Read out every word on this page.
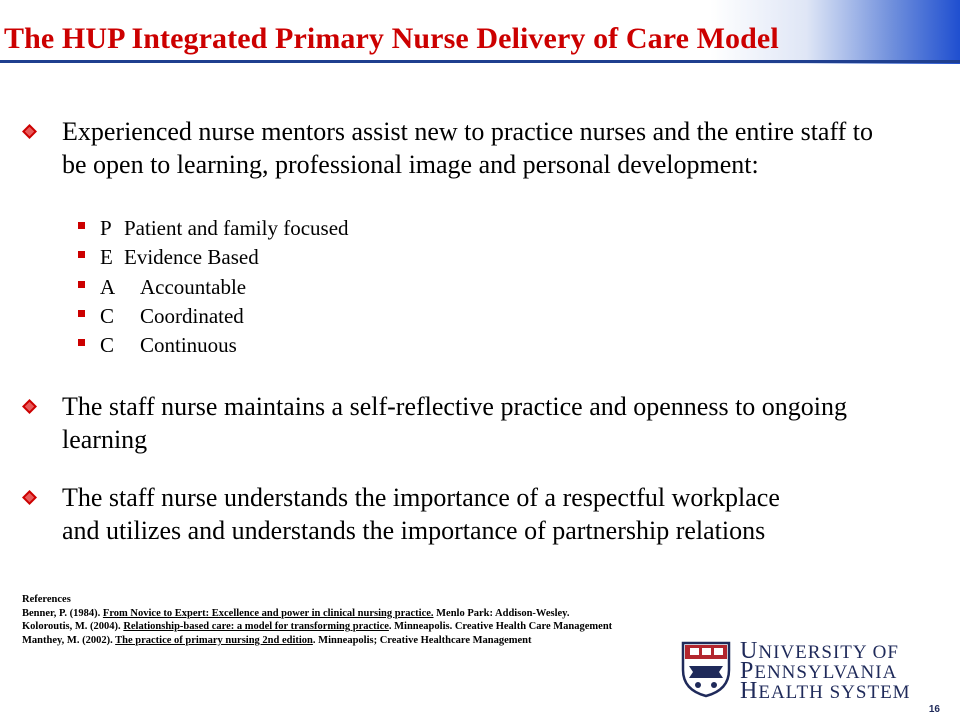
The HUP Integrated Primary Nurse Delivery of Care Model
Experienced nurse mentors assist new to practice nurses and the entire staff to be open to learning, professional image and personal development:
P Patient and family focused
E Evidence Based
A Accountable
C Coordinated
C Continuous
The staff nurse maintains a self-reflective practice and openness to ongoing learning
The staff nurse understands the importance of a respectful workplace and utilizes and understands the importance of partnership relations
References
Benner, P. (1984). From Novice to Expert: Excellence and power in clinical nursing practice. Menlo Park: Addison-Wesley.
Koloroutis, M. (2004). Relationship-based care: a model for transforming practice. Minneapolis. Creative Health Care Management
Manthey, M. (2002). The practice of primary nursing 2nd edition. Minneapolis; Creative Healthcare Management	UNIVERSITY OF
PENNSYLVANIA
HEALTH SYSTEM
16
